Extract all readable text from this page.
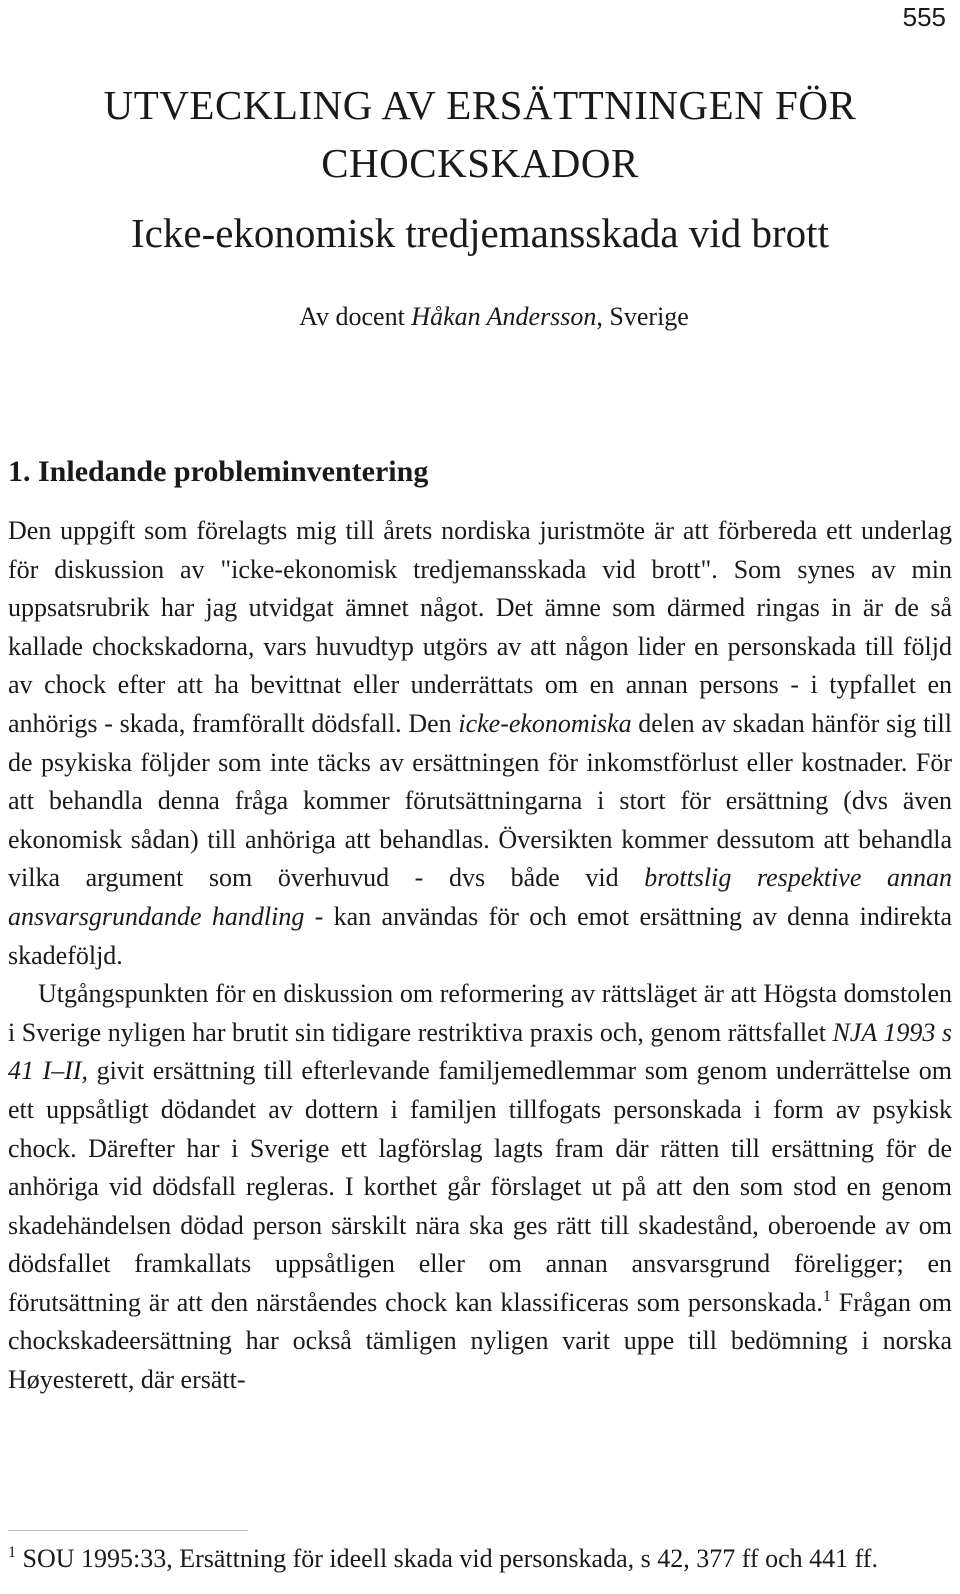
555
UTVECKLING AV ERSÄTTNINGEN FÖR
CHOCKSKADOR
Icke-ekonomisk tredjemansskada vid brott
Av docent Håkan Andersson, Sverige
1. Inledande probleminventering

Den uppgift som förelagts mig till årets nordiska juristmöte är att förbereda ett underlag för diskussion av "icke-ekonomisk tredjemansskada vid brott". Som synes av min uppsatsrubrik har jag utvidgat ämnet något. Det ämne som därmed ringas in är de så kallade chockskadorna, vars huvudtyp utgörs av att någon lider en personskada till följd av chock efter att ha bevittnat eller underrättats om en annan persons - i typfallet en anhörigs - skada, framförallt dödsfall. Den icke-ekonomiska delen av skadan hänför sig till de psykiska följder som inte täcks av ersättningen för inkomstförlust eller kostnader. För att behandla denna fråga kommer förutsättningarna i stort för ersättning (dvs även ekonomisk sådan) till anhöriga att behandlas. Översikten kommer dessutom att behandla vilka argument som överhuvud - dvs både vid brottslig respektive annan ansvarsgrundande handling - kan användas för och emot ersättning av denna indirekta skadeföljd.

Utgångspunkten för en diskussion om reformering av rättsläget är att Högsta domstolen i Sverige nyligen har brutit sin tidigare restriktiva praxis och, genom rättsfallet NJA 1993 s 41 I–II, givit ersättning till efterlevande familjemedlemmar som genom underrättelse om ett uppsåtligt dödandet av dottern i familjen tillfogats personskada i form av psykisk chock. Därefter har i Sverige ett lagförslag lagts fram där rätten till ersättning för de anhöriga vid dödsfall regleras. I korthet går förslaget ut på att den som stod en genom skadehändelsen dödad person särskilt nära ska ges rätt till skadestånd, oberoende av om dödsfallet framkallats uppsåtligen eller om annan ansvarsgrund föreligger; en förutsättning är att den närståendes chock kan klassificeras som personskada.$^1$ Frågan om chockskadeersättning har också tämligen nyligen varit uppe till bedömning i norska Høyesterett, där ersätt-

$^1$ SOU 1995:33, Ersättning för ideell skada vid personskada, s 42, 377 ff och 441 ff.
